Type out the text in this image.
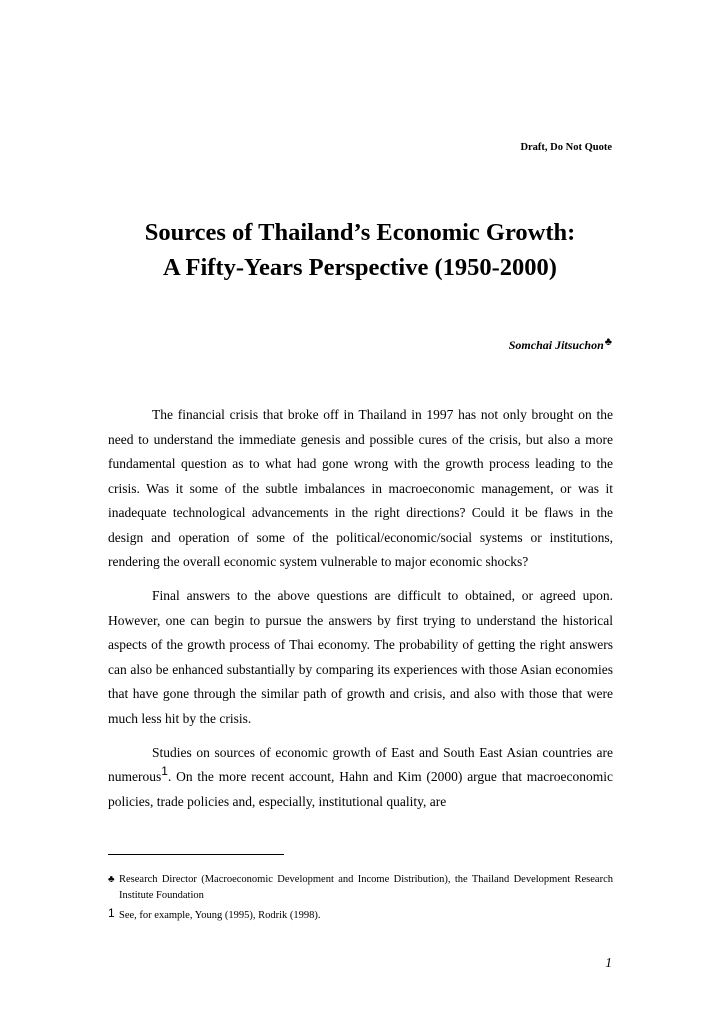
Draft, Do Not Quote
Sources of Thailand’s Economic Growth:
A Fifty-Years Perspective (1950-2000)
Somchai Jitsuchon♣

The financial crisis that broke off in Thailand in 1997 has not only brought on the need to understand the immediate genesis and possible cures of the crisis, but also a more fundamental question as to what had gone wrong with the growth process leading to the crisis. Was it some of the subtle imbalances in macroeconomic management, or was it inadequate technological advancements in the right directions? Could it be flaws in the design and operation of some of the political/economic/social systems or institutions, rendering the overall economic system vulnerable to major economic shocks?

Final answers to the above questions are difficult to obtained, or agreed upon. However, one can begin to pursue the answers by first trying to understand the historical aspects of the growth process of Thai economy. The probability of getting the right answers can also be enhanced substantially by comparing its experiences with those Asian economies that have gone through the similar path of growth and crisis, and also with those that were much less hit by the crisis.

Studies on sources of economic growth of East and South East Asian countries are numerous$^1$. On the more recent account, Hahn and Kim (2000) argue that macroeconomic policies, trade policies and, especially, institutional quality, are

♣ Research Director (Macroeconomic Development and Income Distribution), the Thailand Development Research Institute Foundation
1 See, for example, Young (1995), Rodrik (1998).
1
